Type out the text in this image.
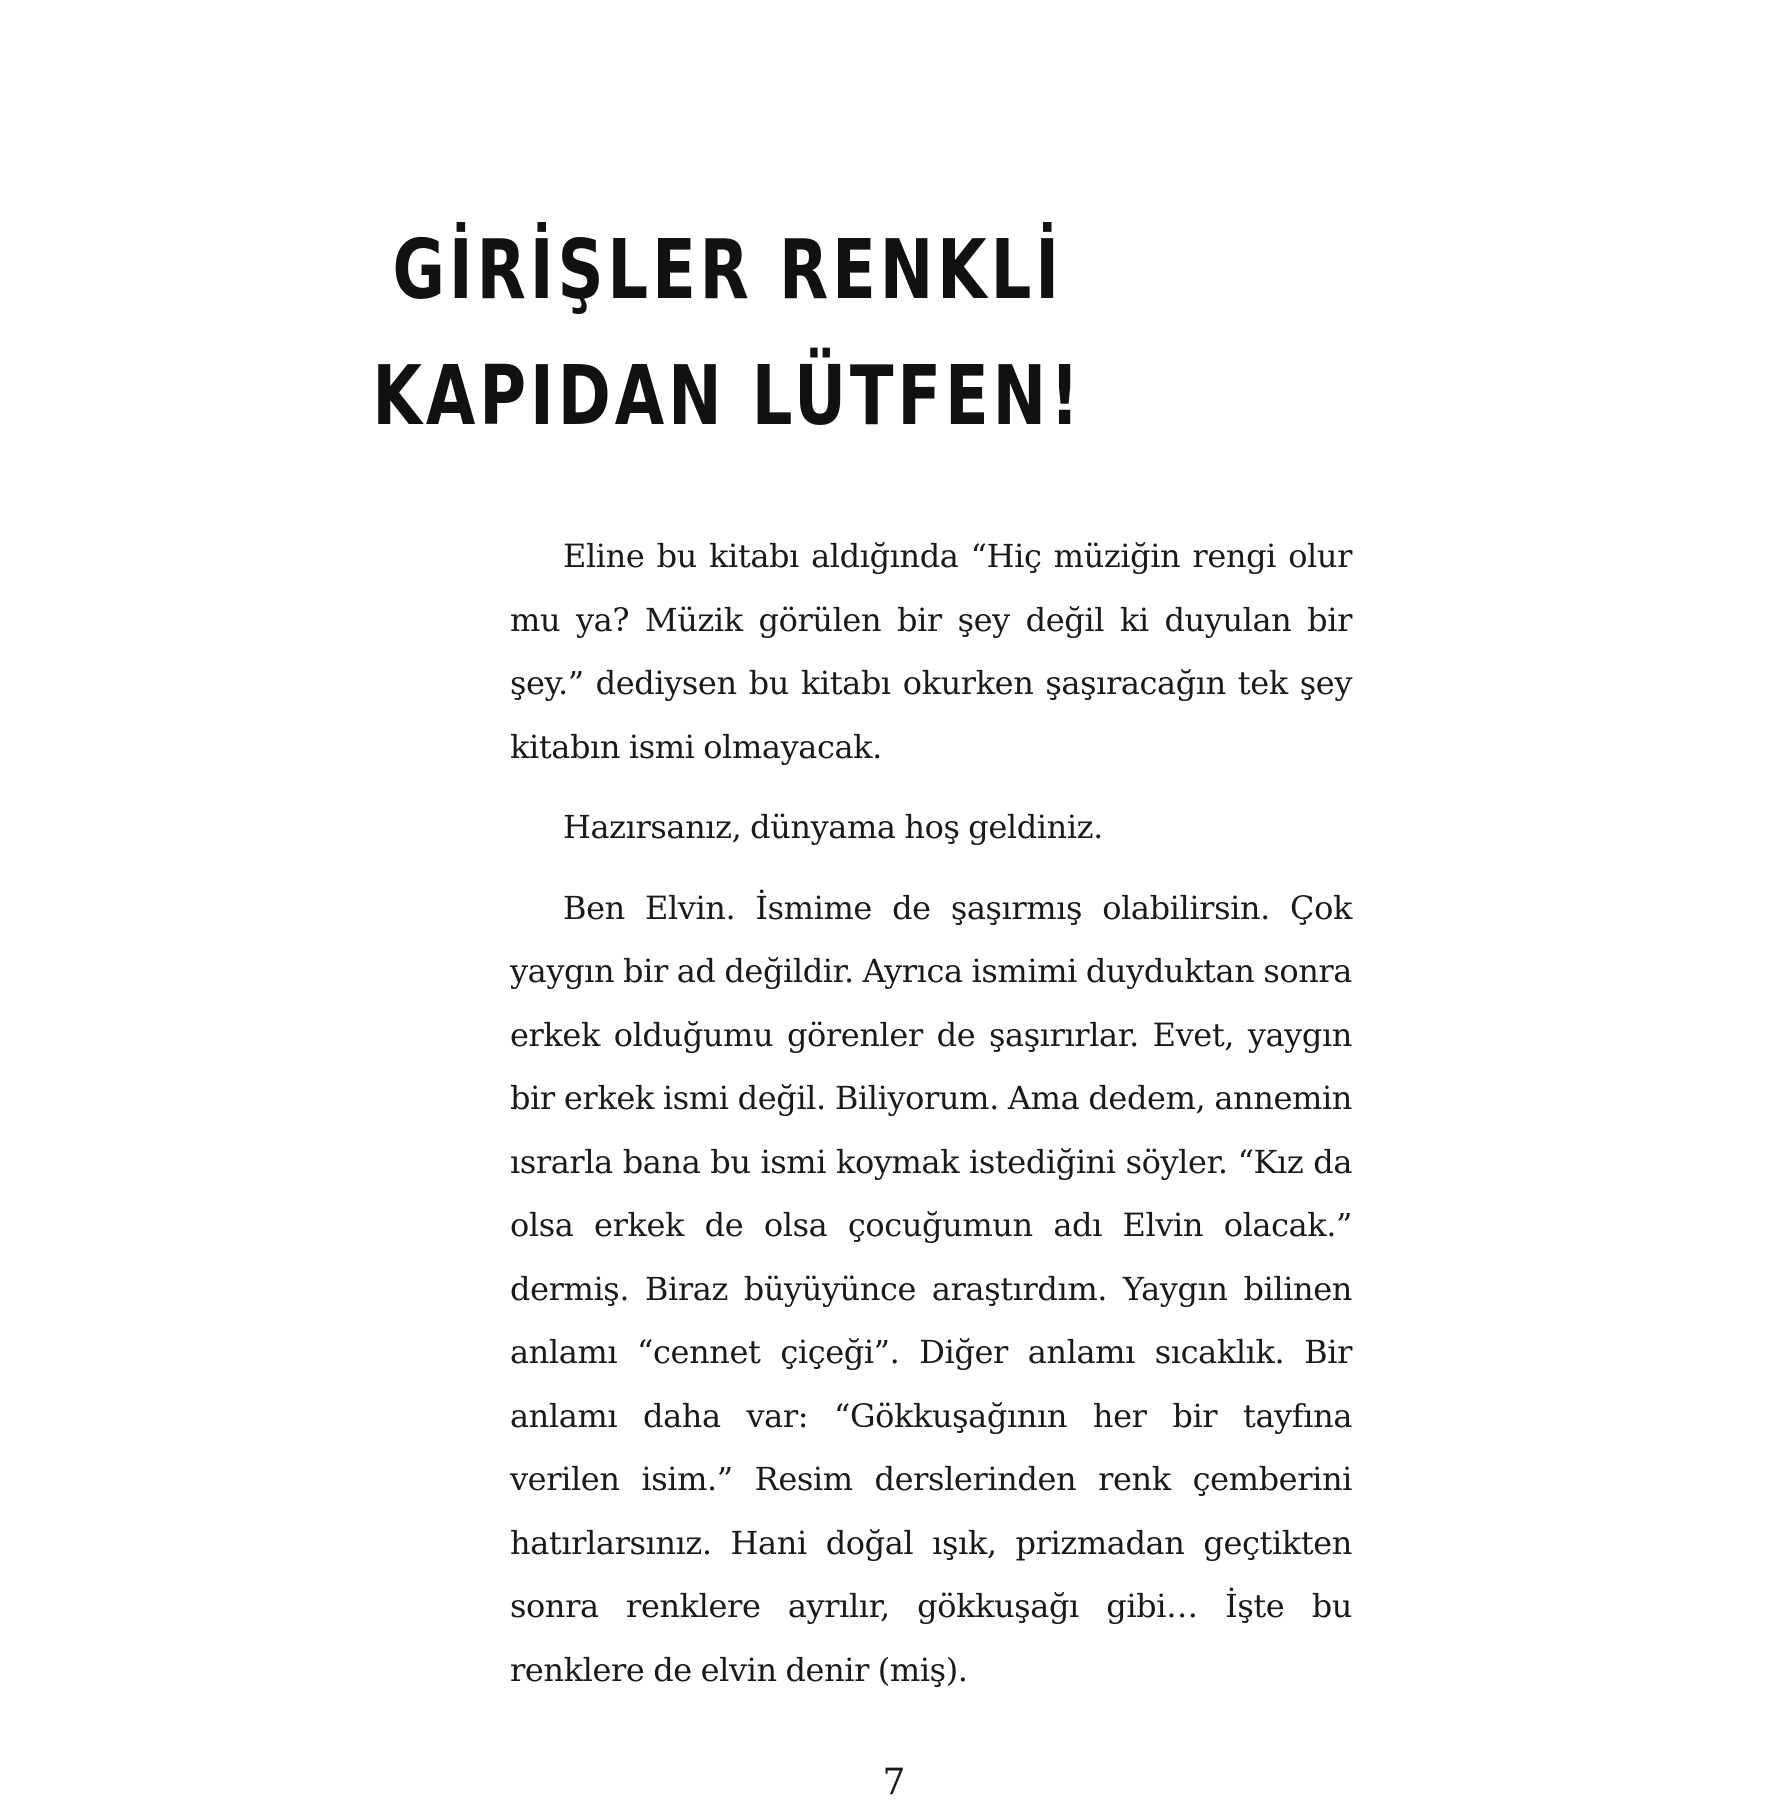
GİRİŞLER RENKLİ
KAPIDAN LÜTFEN!

Eline bu kitabı aldığında “Hiç müziğin rengi olur mu ya? Müzik görülen bir şey değil ki duyulan bir şey.” dediysen bu kitabı okurken şaşıracağın tek şey kitabın ismi olmayacak.

Hazırsanız, dünyama hoş geldiniz.

Ben Elvin. İsmime de şaşırmış olabilirsin. Çok yaygın bir ad değildir. Ayrıca ismimi duyduktan sonra erkek olduğumu görenler de şaşırırlar. Evet, yaygın bir erkek ismi değil. Biliyorum. Ama dedem, annemin ısrarla bana bu ismi koymak istediğini söyler. “Kız da olsa erkek de olsa çocuğumun adı Elvin olacak.” dermiş. Biraz büyüyünce araştırdım. Yaygın bilinen anlamı “cennet çiçeği”. Diğer anlamı sıcaklık. Bir anlamı daha var: “Gökkuşağının her bir tayfına verilen isim.” Resim derslerinden renk çemberini hatırlarsınız. Hani doğal ışık, prizmadan geçtikten sonra renklere ayrılır, gökkuşağı gibi… İşte bu renklere de elvin denir (miş).

7
